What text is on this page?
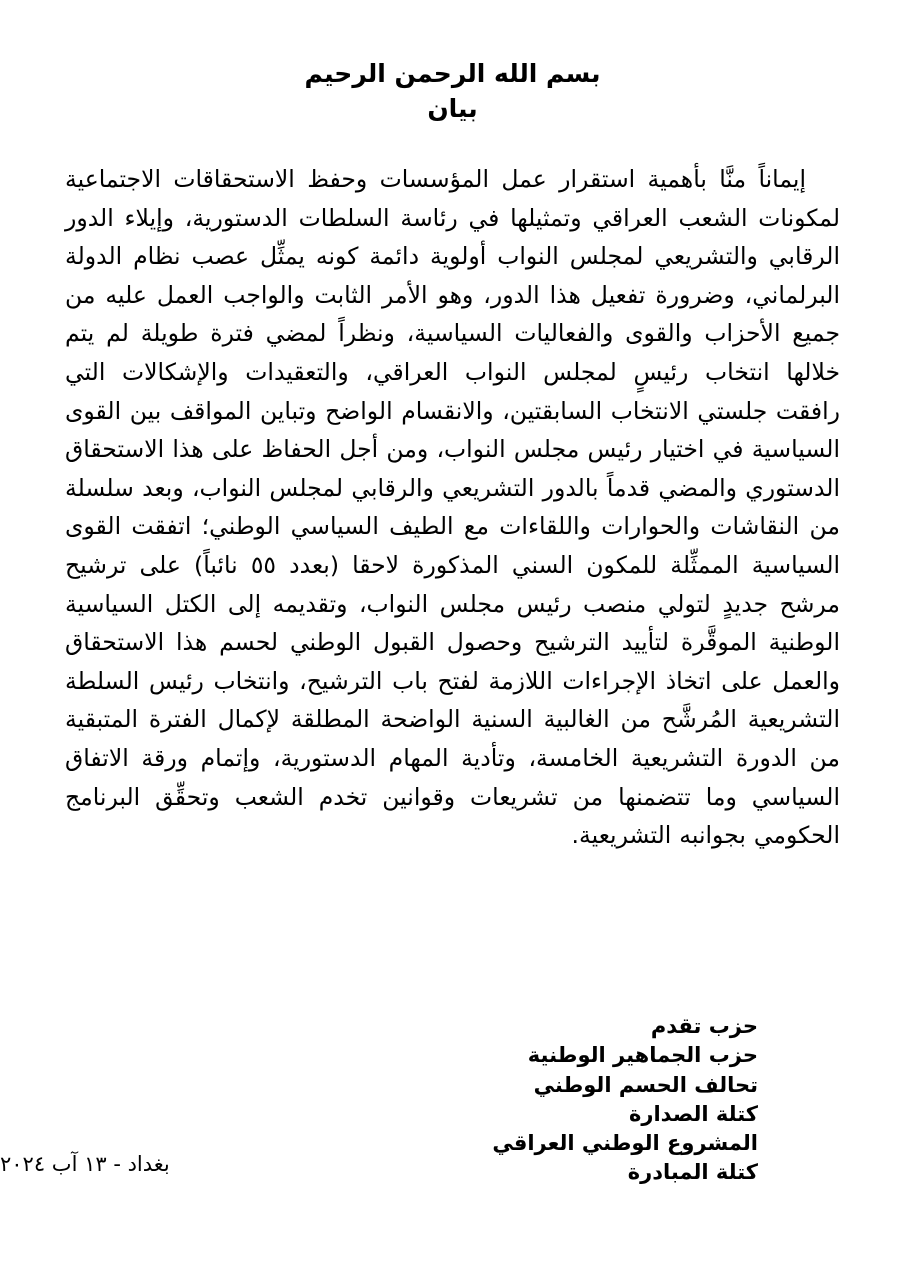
بسم الله الرحمن الرحيم
بيان

إيماناً منَّا بأهمية استقرار عمل المؤسسات وحفظ الاستحقاقات الاجتماعية لمكونات الشعب العراقي وتمثيلها في رئاسة السلطات الدستورية، وإيلاء الدور الرقابي والتشريعي لمجلس النواب أولوية دائمة كونه يمثِّل عصب نظام الدولة البرلماني، وضرورة تفعيل هذا الدور، وهو الأمر الثابت والواجب العمل عليه من جميع الأحزاب والقوى والفعاليات السياسية، ونظراً لمضي فترة طويلة لم يتم خلالها انتخاب رئيسٍ لمجلس النواب العراقي، والتعقيدات والإشكالات التي رافقت جلستي الانتخاب السابقتين، والانقسام الواضح وتباين المواقف بين القوى السياسية في اختيار رئيس مجلس النواب، ومن أجل الحفاظ على هذا الاستحقاق الدستوري والمضي قدماً بالدور التشريعي والرقابي لمجلس النواب، وبعد سلسلة من النقاشات والحوارات واللقاءات مع الطيف السياسي الوطني؛ اتفقت القوى السياسية الممثِّلة للمكون السني المذكورة لاحقا (بعدد ٥٥ نائباً) على ترشيح مرشح جديدٍ لتولي منصب رئيس مجلس النواب، وتقديمه إلى الكتل السياسية الوطنية الموقَّرة لتأييد الترشيح وحصول القبول الوطني لحسم هذا الاستحقاق والعمل على اتخاذ الإجراءات اللازمة لفتح باب الترشيح، وانتخاب رئيس السلطة التشريعية المُرشَّح من الغالبية السنية الواضحة المطلقة لإكمال الفترة المتبقية من الدورة التشريعية الخامسة، وتأدية المهام الدستورية، وإتمام ورقة الاتفاق السياسي وما تتضمنها من تشريعات وقوانين تخدم الشعب وتحقِّق البرنامج الحكومي بجوانبه التشريعية.

حزب تقدم
حزب الجماهير الوطنية
تحالف الحسم الوطني
كتلة الصدارة
المشروع الوطني العراقي
كتلة المبادرة
بغداد - ١٣ آب ٢٠٢٤
